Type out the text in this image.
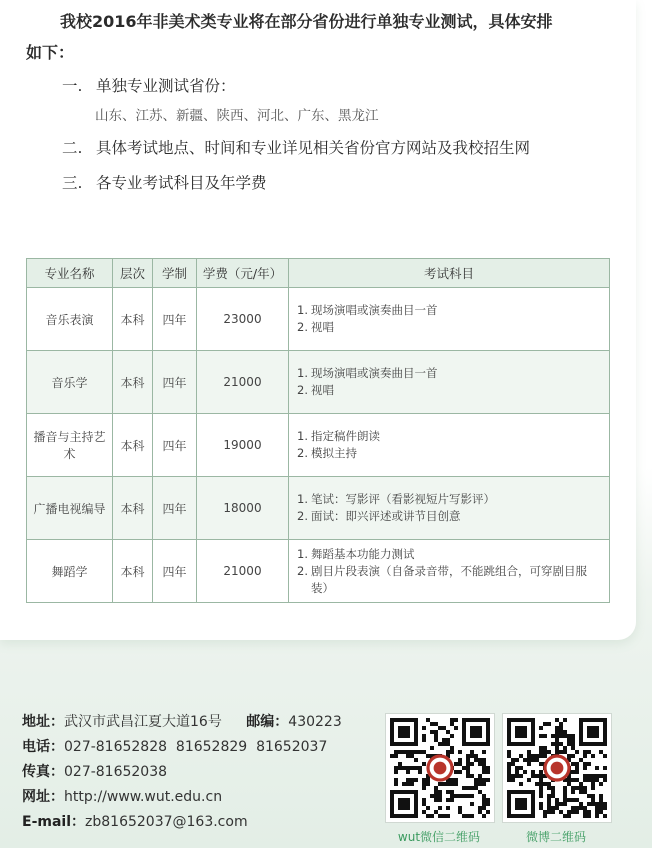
我校2016年非美术类专业将在部分省份进行单独专业测试，具体安排
如下：
一. 单独专业测试省份：
山东、江苏、新疆、陕西、河北、广东、黑龙江
二. 具体考试地点、时间和专业详见相关省份官方网站及我校招生网
三. 各专业考试科目及年学费
专业名称	层次	学制	学费（元/年）	考试科目
音乐表演	本科	四年	23000	1. 现场演唱或演奏曲目一首
2. 视唱

音乐学	本科	四年	21000	1. 现场演唱或演奏曲目一首
2. 视唱

播音与主持艺术	本科	四年	19000	1. 指定稿件朗读
2. 模拟主持

广播电视编导	本科	四年	18000	1. 笔试：写影评（看影视短片写影评）
2. 面试：即兴评述或讲节目创意

舞蹈学	本科	四年	21000	1. 舞蹈基本功能力测试
2. 剧目片段表演（自备录音带，不能跳组合，可穿剧目服装）
地址：武汉市武昌江夏大道16号 邮编：430223
电话：027-81652828  81652829  81652037
传真：027-81652038
网址：http://www.wut.edu.cn
E-mail：zb81652037@163.com
wut微信二维码	微博二维码
